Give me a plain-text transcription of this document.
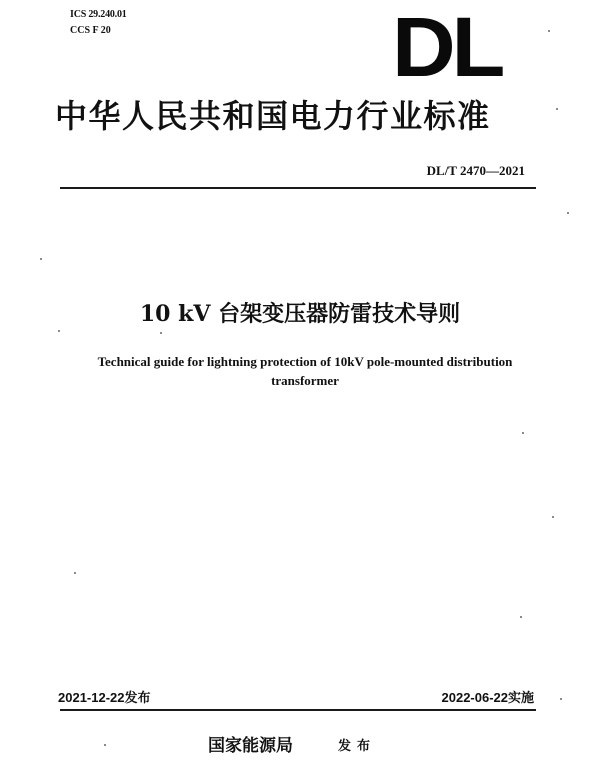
ICS 29.240.01
CCS F 20	DL
中华人民共和国电力行业标准
DL/T 2470—2021
10 kV 台架变压器防雷技术导则
Technical guide for lightning protection of 10kV pole-mounted distribution
transformer
2021-12-22发布	2022-06-22实施
国家能源局	发布
